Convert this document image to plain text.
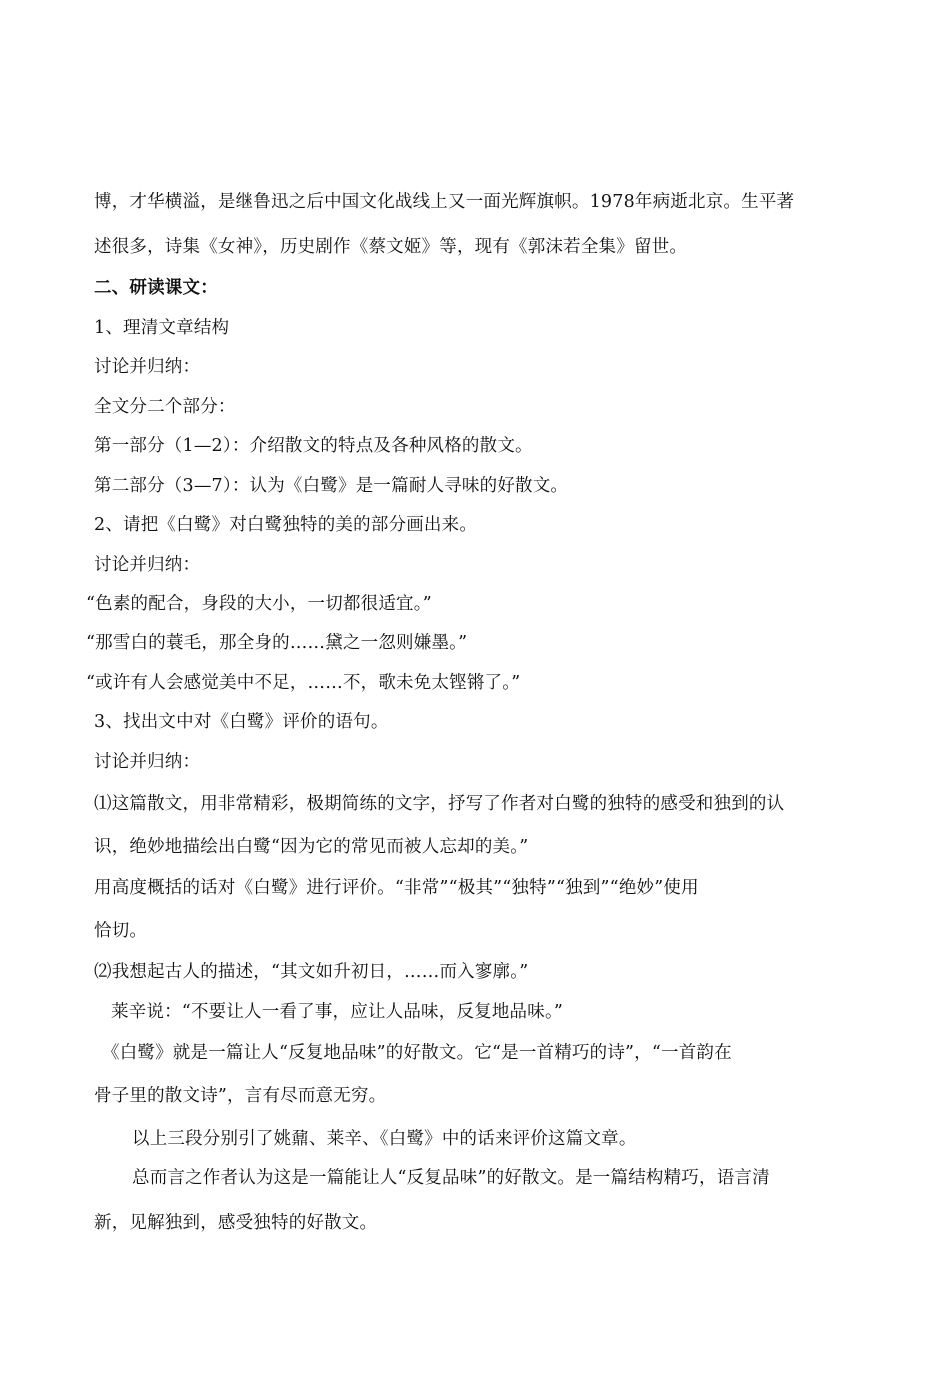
博，才华横溢，是继鲁迅之后中国文化战线上又一面光辉旗帜。1978年病逝北京。生平著

述很多，诗集《女神》，历史剧作《蔡文姬》等，现有《郭沫若全集》留世。

二、研读课文：

1、理清文章结构

讨论并归纳：

全文分二个部分：

第一部分（1—2）：介绍散文的特点及各种风格的散文。

第二部分（3—7）：认为《白鹭》是一篇耐人寻味的好散文。

2、请把《白鹭》对白鹭独特的美的部分画出来。

讨论并归纳：

“色素的配合，身段的大小，一切都很适宜。”

“那雪白的蓑毛，那全身的……黛之一忽则嫌墨。”

“或许有人会感觉美中不足，……不，歌未免太铿锵了。”

3、找出文中对《白鹭》评价的语句。

讨论并归纳：

⑴这篇散文，用非常精彩，极期简练的文字，抒写了作者对白鹭的独特的感受和独到的认

识，绝妙地描绘出白鹭“因为它的常见而被人忘却的美。”

用高度概括的话对《白鹭》进行评价。“非常”“极其”“独特”“独到”“绝妙”使用

恰切。

⑵我想起古人的描述，“其文如升初日，……而入寥廓。”

莱辛说：“不要让人一看了事，应让人品味，反复地品味。”

《白鹭》就是一篇让人“反复地品味”的好散文。它“是一首精巧的诗”，“一首韵在

骨子里的散文诗”，言有尽而意无穷。

以上三段分别引了姚鼐、莱辛、《白鹭》中的话来评价这篇文章。

总而言之作者认为这是一篇能让人“反复品味”的好散文。是一篇结构精巧，语言清

新，见解独到，感受独特的好散文。
